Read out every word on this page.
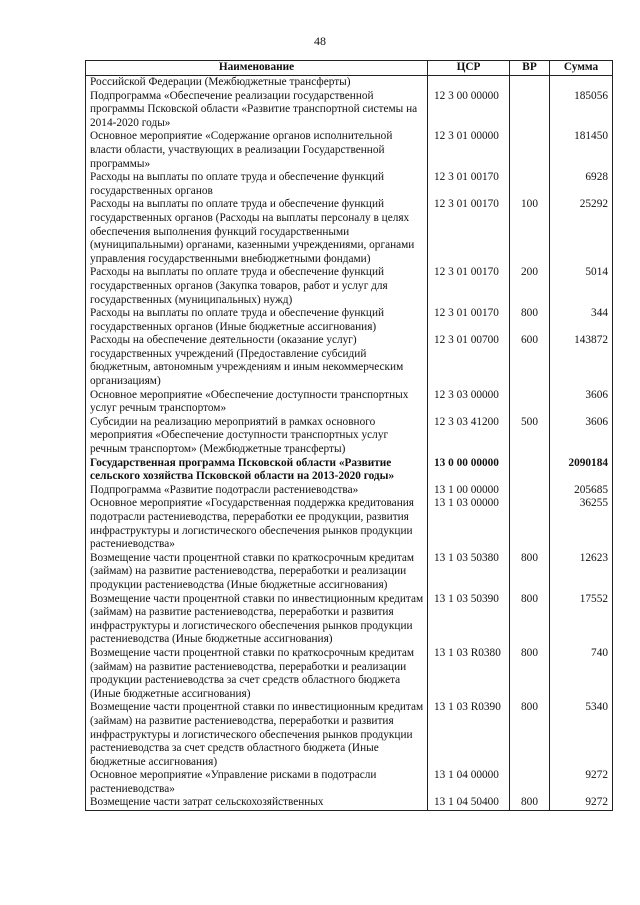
48
Наименование	ЦСР	ВР	Сумма
Российской Федерации (Межбюджетные трансферты)			
Подпрограмма «Обеспечение реализации государственной программы Псковской области «Развитие транспортной системы на 2014-2020 годы»	12 3 00 00000		185056
Основное мероприятие «Содержание органов исполнительной власти области, участвующих в реализации Государственной программы»	12 3 01 00000		181450
Расходы на выплаты по оплате труда и обеспечение функций государственных органов	12 3 01 00170		6928
Расходы на выплаты по оплате труда и обеспечение функций государственных органов (Расходы на выплаты персоналу в целях обеспечения выполнения функций государственными (муниципальными) органами, казенными учреждениями, органами управления государственными внебюджетными фондами)	12 3 01 00170	100	25292
Расходы на выплаты по оплате труда и обеспечение функций государственных органов (Закупка товаров, работ и услуг для государственных (муниципальных) нужд)	12 3 01 00170	200	5014
Расходы на выплаты по оплате труда и обеспечение функций государственных органов (Иные бюджетные ассигнования)	12 3 01 00170	800	344
Расходы на обеспечение деятельности (оказание услуг) государственных учреждений (Предоставление субсидий бюджетным, автономным учреждениям и иным некоммерческим организациям)	12 3 01 00700	600	143872
Основное мероприятие «Обеспечение доступности транспортных услуг речным транспортом»	12 3 03 00000		3606
Субсидии на реализацию мероприятий в рамках основного мероприятия «Обеспечение доступности транспортных услуг речным транспортом» (Межбюджетные трансферты)	12 3 03 41200	500	3606
Государственная программа Псковской области «Развитие сельского хозяйства Псковской области на 2013-2020 годы»	13 0 00 00000		2090184
Подпрограмма «Развитие подотрасли растениеводства»	13 1 00 00000		205685
Основное мероприятие «Государственная поддержка кредитования подотрасли растениеводства, переработки ее продукции, развития инфраструктуры и логистического обеспечения рынков продукции растениеводства»	13 1 03 00000		36255
Возмещение части процентной ставки по краткосрочным кредитам (займам) на развитие растениеводства, переработки и реализации продукции растениеводства (Иные бюджетные ассигнования)	13 1 03 50380	800	12623
Возмещение части процентной ставки по инвестиционным кредитам (займам) на развитие растениеводства, переработки и развития инфраструктуры и логистического обеспечения рынков продукции растениеводства (Иные бюджетные ассигнования)	13 1 03 50390	800	17552
Возмещение части процентной ставки по краткосрочным кредитам (займам) на развитие растениеводства, переработки и реализации продукции растениеводства за счет средств областного бюджета (Иные бюджетные ассигнования)	13 1 03 R0380	800	740
Возмещение части процентной ставки по инвестиционным кредитам (займам) на развитие растениеводства, переработки и развития инфраструктуры и логистического обеспечения рынков продукции растениеводства за счет средств областного бюджета (Иные бюджетные ассигнования)	13 1 03 R0390	800	5340
Основное мероприятие «Управление рисками в подотрасли растениеводства»	13 1 04 00000		9272
Возмещение части затрат сельскохозяйственных	13 1 04 50400	800	9272
